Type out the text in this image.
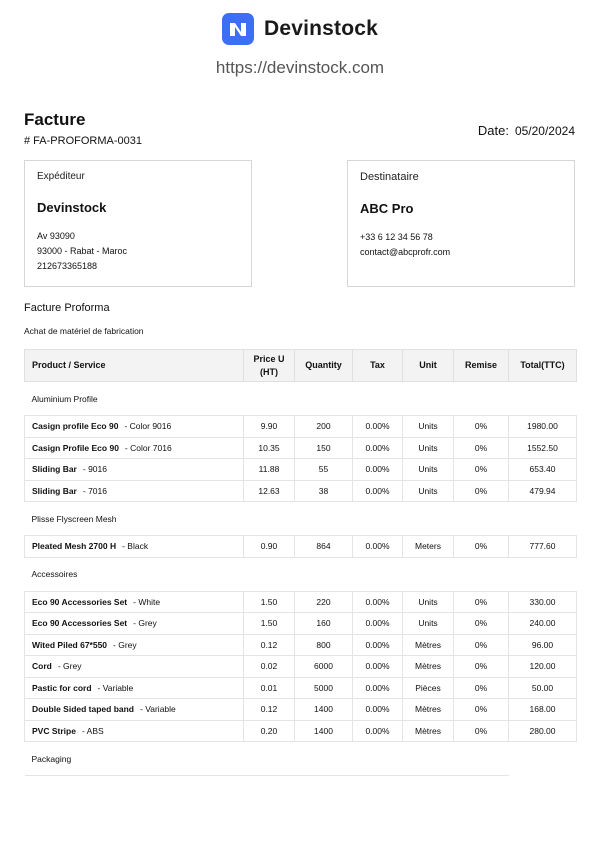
Devinstock
https://devinstock.com
Facture
# FA-PROFORMA-0031
Date: 05/20/2024
Expéditeur
Devinstock
Av 93090
93000 - Rabat - Maroc
212673365188
Destinataire
ABC Pro
+33 6 12 34 56 78
contact@abcprofr.com
Facture Proforma
Achat de matériel de fabrication
Product / Service	Price U (HT)	Quantity	Tax	Unit	Remise	Total(TTC)
Aluminium Profile						
Casign profile Eco 90 - Color 9016	9.90	200	0.00%	Units	0%	1980.00
Casign Profile Eco 90 - Color 7016	10.35	150	0.00%	Units	0%	1552.50
Sliding Bar - 9016	11.88	55	0.00%	Units	0%	653.40
Sliding Bar - 7016	12.63	38	0.00%	Units	0%	479.94
Plisse Flyscreen Mesh						
Pleated Mesh 2700 H - Black	0.90	864	0.00%	Meters	0%	777.60
Accessoires						
Eco 90 Accessories Set - White	1.50	220	0.00%	Units	0%	330.00
Eco 90 Accessories Set - Grey	1.50	160	0.00%	Units	0%	240.00
Wited Piled 67*550 - Grey	0.12	800	0.00%	Mètres	0%	96.00
Cord - Grey	0.02	6000	0.00%	Mètres	0%	120.00
Pastic for cord - Variable	0.01	5000	0.00%	Pièces	0%	50.00
Double Sided taped band - Variable	0.12	1400	0.00%	Mètres	0%	168.00
PVC Stripe - ABS	0.20	1400	0.00%	Mètres	0%	280.00
Packaging						
